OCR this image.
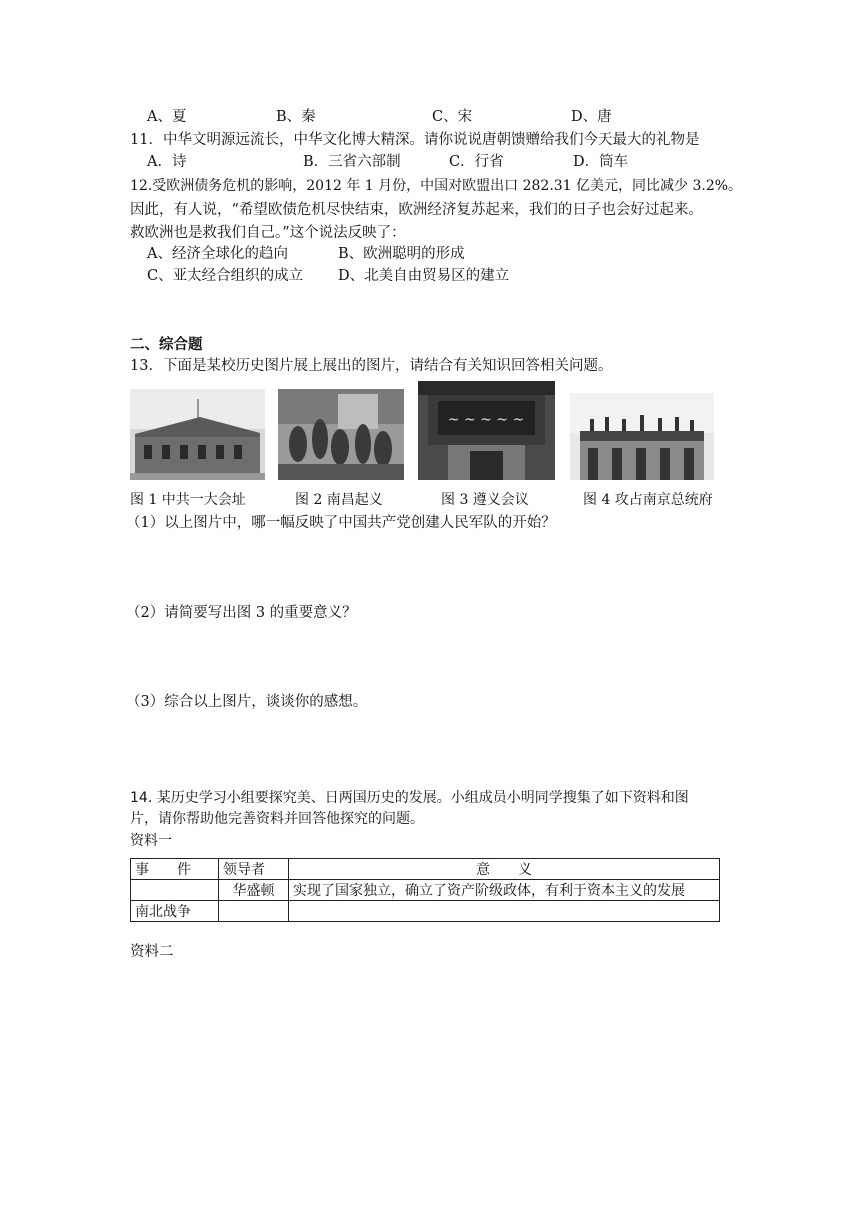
A、夏	B、秦	C、宋	D、唐
11．中华文明源远流长，中华文化博大精深。请你说说唐朝馈赠给我们今天最大的礼物是
A．诗	B．三省六部制	C．行省	D．筒车
12.受欧洲债务危机的影响，2012 年 1 月份，中国对欧盟出口 282.31 亿美元，同比减少 3.2%。
因此，有人说，“希望欧债危机尽快结束，欧洲经济复苏起来，我们的日子也会好过起来。
救欧洲也是救我们自己。”这个说法反映了：
A、经济全球化的趋向	B、欧洲聪明的形成
C、亚太经合组织的成立 D、北美自由贸易区的建立
二、综合题
13．下面是某校历史图片展上展出的图片，请结合有关知识回答相关问题。
~ ~ ~ ~ ~
图 1 中共一大会址	图 2 南昌起义	图 3 遵义会议	图 4 攻占南京总统府
（1）以上图片中，哪一幅反映了中国共产党创建人民军队的开始？
（2）请简要写出图 3 的重要意义？
（3）综合以上图片，谈谈你的感想。
14. 某历史学习小组要探究美、日两国历史的发展。小组成员小明同学搜集了如下资料和图
片，请你帮助他完善资料并回答他探究的问题。
资料一
事　　件	领导者	意　　义
	华盛顿	实现了国家独立，确立了资产阶级政体，有利于资本主义的发展
南北战争		
资料二
